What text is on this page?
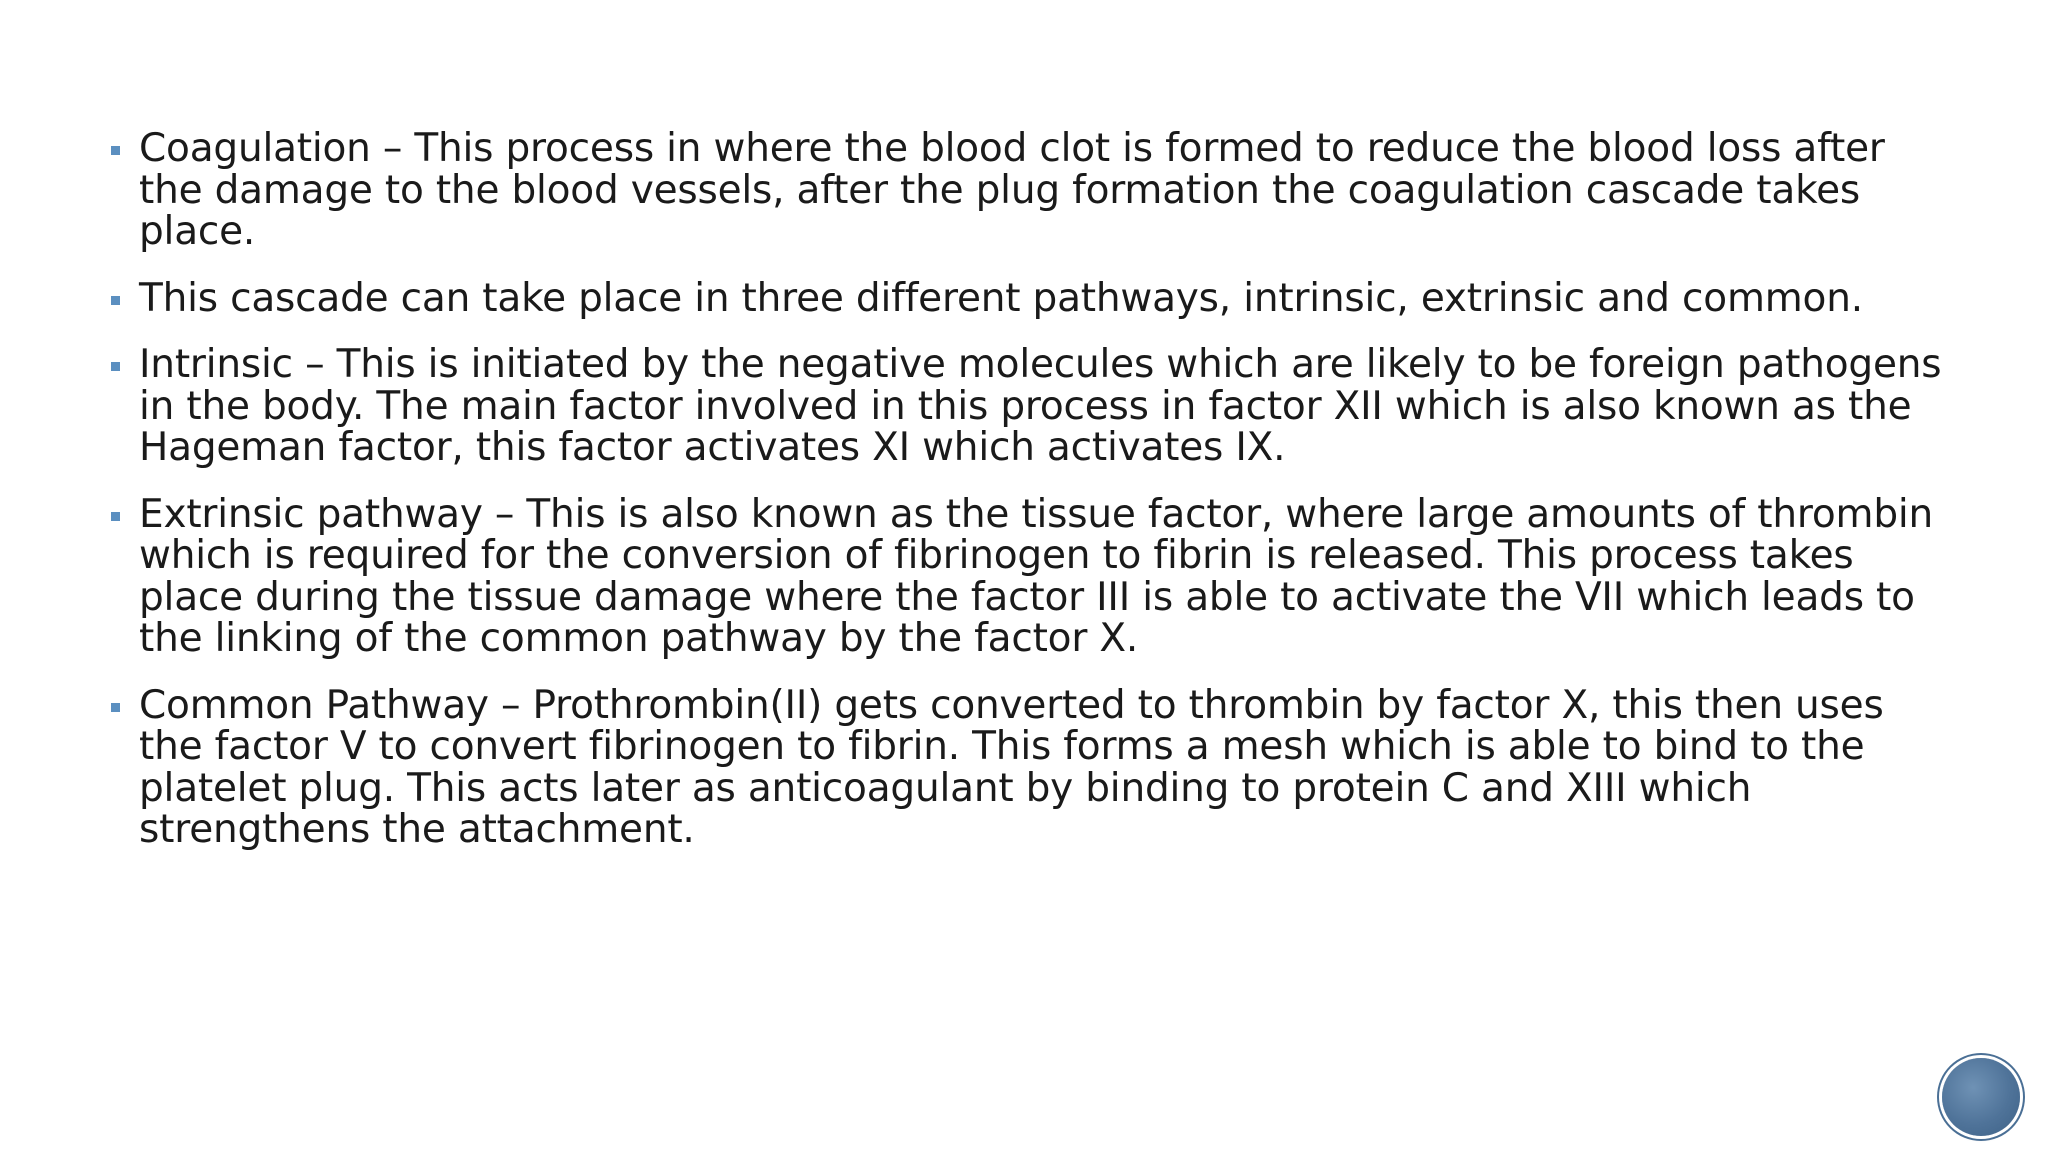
Coagulation – This process in where the blood clot is formed to reduce the blood loss after the damage to the blood vessels, after the plug formation the coagulation cascade takes place.
This cascade can take place in three different pathways, intrinsic, extrinsic and common.
Intrinsic – This is initiated by the negative molecules which are likely to be foreign pathogens in the body. The main factor involved in this process in factor XII which is also known as the Hageman factor, this factor activates XI which activates IX.
Extrinsic pathway – This is also known as the tissue factor, where large amounts of thrombin which is required for the conversion of fibrinogen to fibrin is released. This process takes place during the tissue damage where the factor III is able to activate the VII which leads to the linking of the common pathway by the factor X.
Common Pathway – Prothrombin(II) gets converted to thrombin by factor X, this then uses the factor V to convert fibrinogen to fibrin. This forms a mesh which is able to bind to the platelet plug. This acts later as anticoagulant by binding to protein C and XIII which strengthens the attachment.
